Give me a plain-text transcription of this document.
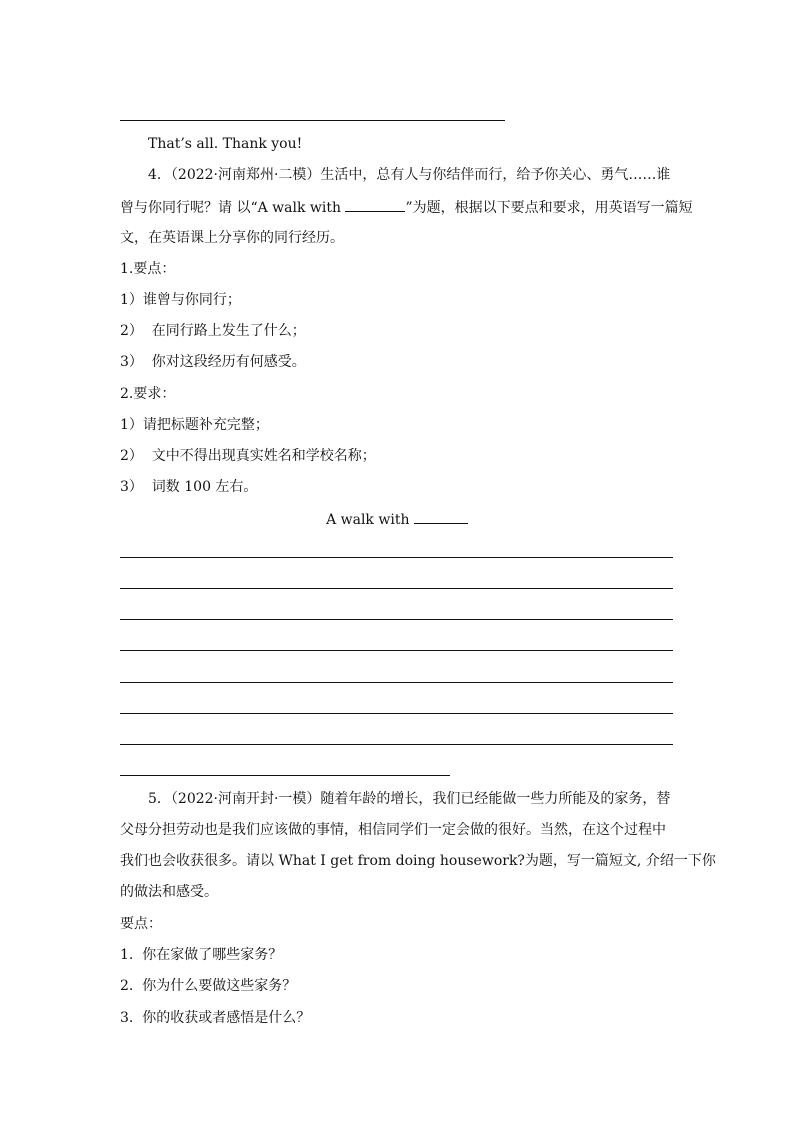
That’s all. Thank you!
4．（2022·河南郑州·二模）生活中，总有人与你结伴而行，给予你关心、勇气……谁
曾与你同行呢？请 以“A walk with	”为题，根据以下要点和要求，用英语写一篇短
文，在英语课上分享你的同行经历。
1.要点：
1）谁曾与你同行；
2）  在同行路上发生了什么；
3）  你对这段经历有何感受。
2.要求：
1）请把标题补充完整；
2）  文中不得出现真实姓名和学校名称；
3）  词数 100 左右。
A walk with
5．（2022·河南开封·一模）随着年龄的增长，我们已经能做一些力所能及的家务，替
父母分担劳动也是我们应该做的事情，相信同学们一定会做的很好。当然，在这个过程中
我们也会收获很多。请以 What I get from doing housework?为题，写一篇短文, 介绍一下你
的做法和感受。
要点：
1.  你在家做了哪些家务？
2.  你为什么要做这些家务？
3.  你的收获或者感悟是什么？
